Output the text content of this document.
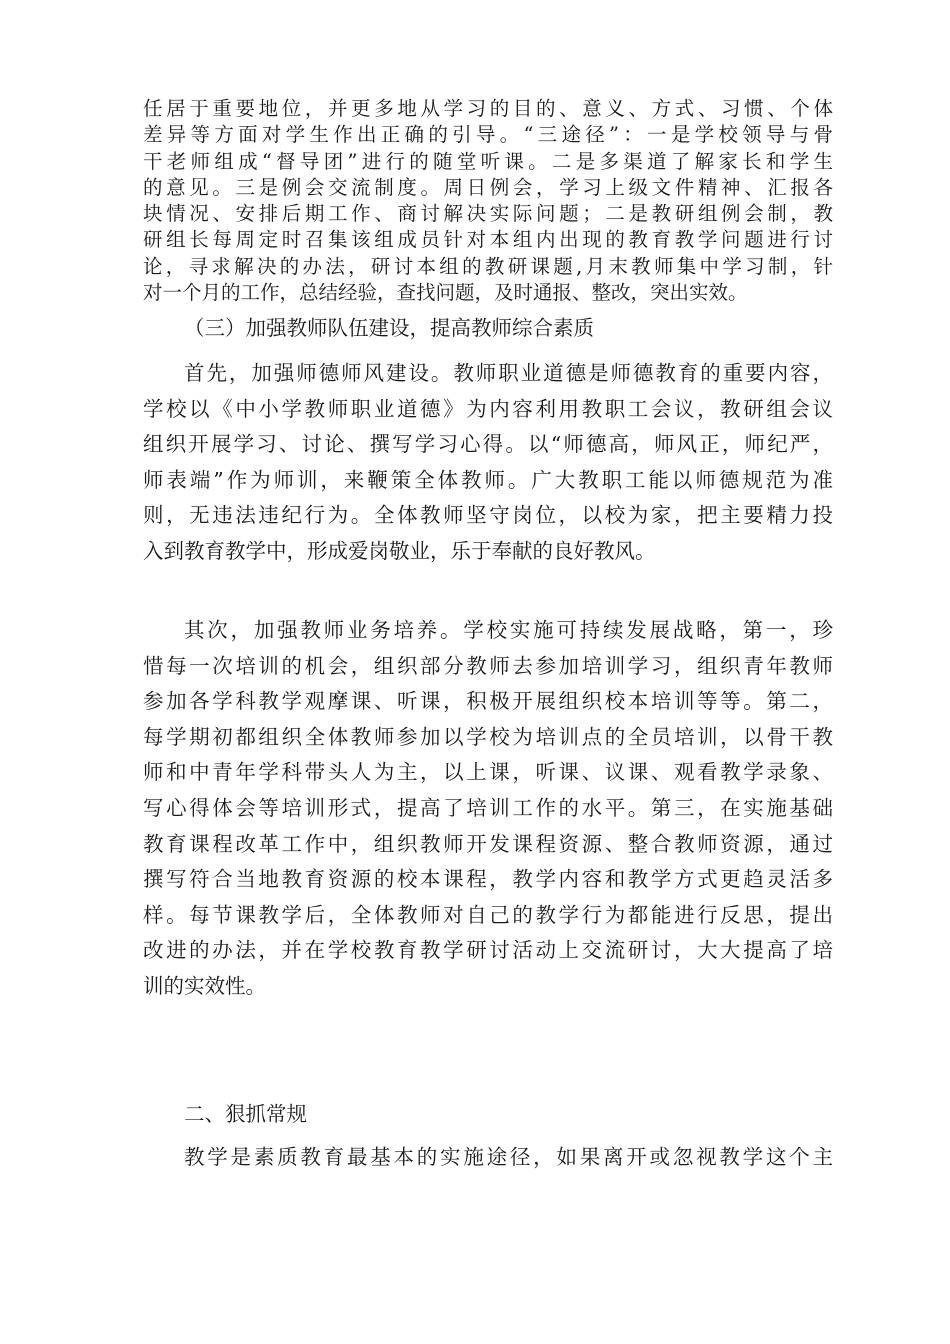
任居于重要地位，并更多地从学习的目的、意义、方式、习惯、个体
差异等方面对学生作出正确的引导。“三途径”：一是学校领导与骨
干老师组成“督导团”进行的随堂听课。二是多渠道了解家长和学生
的意见。三是例会交流制度。周日例会，学习上级文件精神、汇报各
块情况、安排后期工作、商讨解决实际问题；二是教研组例会制，教
研组长每周定时召集该组成员针对本组内出现的教育教学问题进行讨
论，寻求解决的办法，研讨本组的教研课题,月末教师集中学习制，针
对一个月的工作，总结经验，查找问题，及时通报、整改，突出实效。

（三）加强教师队伍建设，提高教师综合素质

首先，加强师德师风建设。教师职业道德是师德教育的重要内容，
学校以《中小学教师职业道德》为内容利用教职工会议，教研组会议
组织开展学习、讨论、撰写学习心得。以“师德高，师风正，师纪严，
师表端”作为师训，来鞭策全体教师。广大教职工能以师德规范为准
则，无违法违纪行为。全体教师坚守岗位，以校为家，把主要精力投
入到教育教学中，形成爱岗敬业，乐于奉献的良好教风。
其次，加强教师业务培养。学校实施可持续发展战略，第一，珍
惜每一次培训的机会，组织部分教师去参加培训学习，组织青年教师
参加各学科教学观摩课、听课，积极开展组织校本培训等等。第二，
每学期初都组织全体教师参加以学校为培训点的全员培训，以骨干教
师和中青年学科带头人为主，以上课，听课、议课、观看教学录象、
写心得体会等培训形式，提高了培训工作的水平。第三，在实施基础
教育课程改革工作中，组织教师开发课程资源、整合教师资源，通过
撰写符合当地教育资源的校本课程，教学内容和教学方式更趋灵活多
样。每节课教学后，全体教师对自己的教学行为都能进行反思，提出
改进的办法，并在学校教育教学研讨活动上交流研讨，大大提高了培
训的实效性。

二、狠抓常规

教学是素质教育最基本的实施途径，如果离开或忽视教学这个主
